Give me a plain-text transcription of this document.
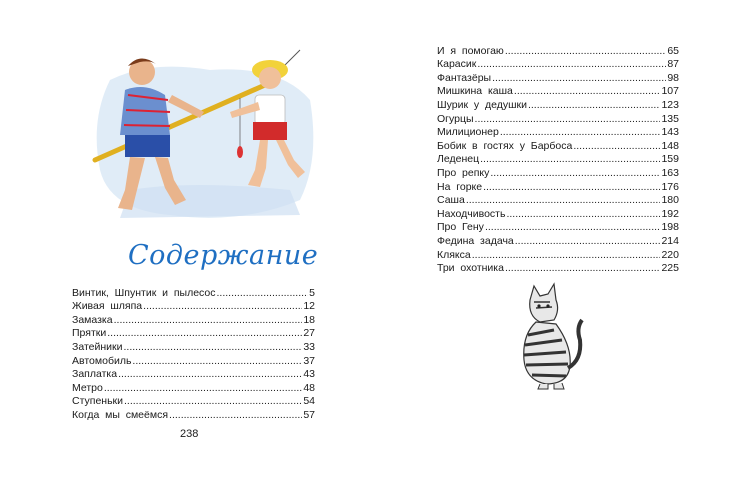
Содержание
Винтик,  Шпунтик  и  пылесос .....	5
Живая  шляпа .....	12
Замазка .....	18
Прятки .....	27
Затейники .....	33
Автомобиль .....	37
Заплатка .....	43
Метро .....	48
Ступеньки .....	54
Когда  мы  смеёмся .....	57
238
И  я  помогаю .....	65
Карасик .....	87
Фантазёры .....	98
Мишкина  каша .....	107
Шурик  у  дедушки .....	123
Огурцы .....	135
Милиционер .....	143
Бобик  в  гостях  у  Барбоса .....	148
Леденец .....	159
Про  репку .....	163
На  горке .....	176
Саша .....	180
Находчивость .....	192
Про  Гену .....	198
Федина  задача .....	214
Клякса .....	220
Три  охотника .....	225
